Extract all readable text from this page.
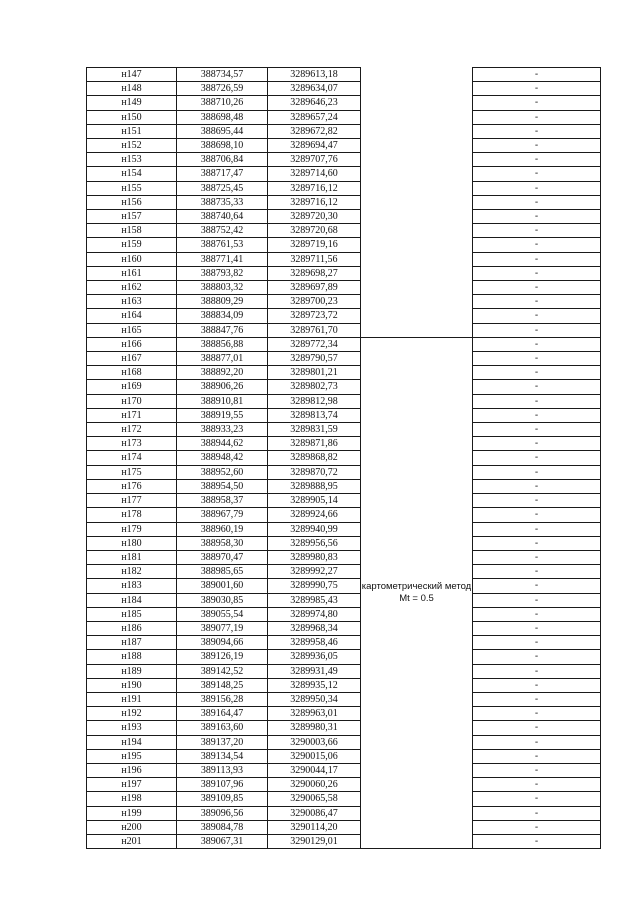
н147	388734,57	3289613,18		-
н148	388726,59	3289634,07		-
н149	388710,26	3289646,23		-
н150	388698,48	3289657,24		-
н151	388695,44	3289672,82		-
н152	388698,10	3289694,47		-
н153	388706,84	3289707,76		-
н154	388717,47	3289714,60		-
н155	388725,45	3289716,12		-
н156	388735,33	3289716,12		-
н157	388740,64	3289720,30		-
н158	388752,42	3289720,68		-
н159	388761,53	3289719,16		-
н160	388771,41	3289711,56		-
н161	388793,82	3289698,27		-
н162	388803,32	3289697,89		-
н163	388809,29	3289700,23		-
н164	388834,09	3289723,72		-
н165	388847,76	3289761,70		-
н166	388856,88	3289772,34	картометрический метод Mt = 0.5	-
н167	388877,01	3289790,57		-
н168	388892,20	3289801,21		-
н169	388906,26	3289802,73		-
н170	388910,81	3289812,98		-
н171	388919,55	3289813,74		-
н172	388933,23	3289831,59		-
н173	388944,62	3289871,86		-
н174	388948,42	3289868,82		-
н175	388952,60	3289870,72		-
н176	388954,50	3289888,95		-
н177	388958,37	3289905,14		-
н178	388967,79	3289924,66		-
н179	388960,19	3289940,99		-
н180	388958,30	3289956,56		-
н181	388970,47	3289980,83		-
н182	388985,65	3289992,27		-
н183	389001,60	3289990,75		-
н184	389030,85	3289985,43		-
н185	389055,54	3289974,80		-
н186	389077,19	3289968,34		-
н187	389094,66	3289958,46		-
н188	389126,19	3289936,05		-
н189	389142,52	3289931,49		-
н190	389148,25	3289935,12		-
н191	389156,28	3289950,34		-
н192	389164,47	3289963,01		-
н193	389163,60	3289980,31		-
н194	389137,20	3290003,66		-
н195	389134,54	3290015,06		-
н196	389113,93	3290044,17		-
н197	389107,96	3290060,26		-
н198	389109,85	3290065,58		-
н199	389096,56	3290086,47		-
н200	389084,78	3290114,20		-
н201	389067,31	3290129,01		-
